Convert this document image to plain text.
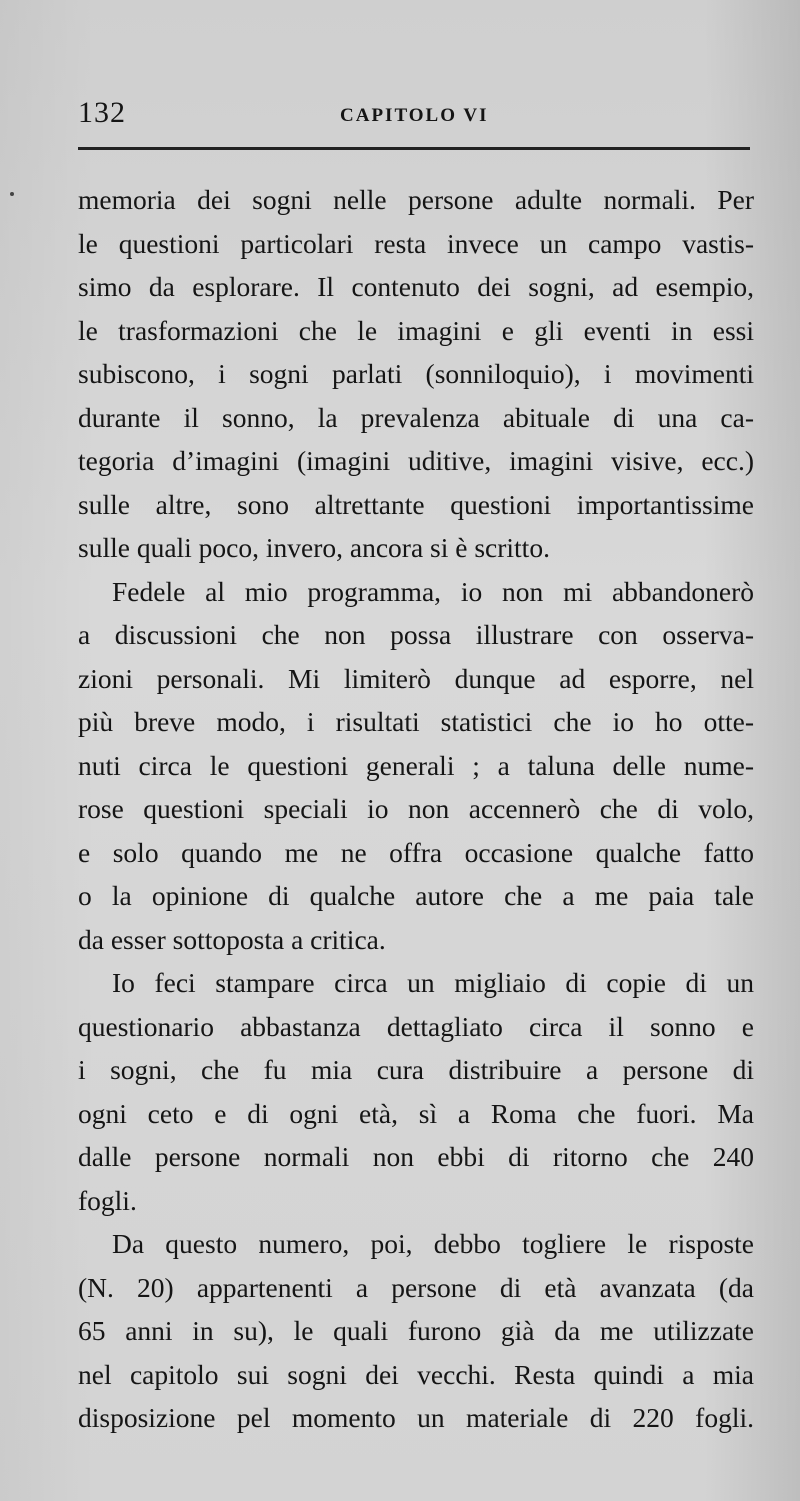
132	CAPITOLO VI
memoria dei sogni nelle persone adulte normali. Per
le questioni particolari resta invece un campo vastis-
simo da esplorare. Il contenuto dei sogni, ad esempio,
le trasformazioni che le imagini e gli eventi in essi
subiscono, i sogni parlati (sonniloquio), i movimenti
durante il sonno, la prevalenza abituale di una ca-
tegoria d’imagini (imagini uditive, imagini visive, ecc.)
sulle altre, sono altrettante questioni importantissime
sulle quali poco, invero, ancora si è scritto.
Fedele al mio programma, io non mi abbandonerò
a discussioni che non possa illustrare con osserva-
zioni personali. Mi limiterò dunque ad esporre, nel
più breve modo, i risultati statistici che io ho otte-
nuti circa le questioni generali ; a taluna delle nume-
rose questioni speciali io non accennerò che di volo,
e solo quando me ne offra occasione qualche fatto
o la opinione di qualche autore che a me paia tale
da esser sottoposta a critica.
Io feci stampare circa un migliaio di copie di un
questionario abbastanza dettagliato circa il sonno e
i sogni, che fu mia cura distribuire a persone di
ogni ceto e di ogni età, sì a Roma che fuori. Ma
dalle persone normali non ebbi di ritorno che 240
fogli.
Da questo numero, poi, debbo togliere le risposte
(N. 20) appartenenti a persone di età avanzata (da
65 anni in su), le quali furono già da me utilizzate
nel capitolo sui sogni dei vecchi. Resta quindi a mia
disposizione pel momento un materiale di 220 fogli.
